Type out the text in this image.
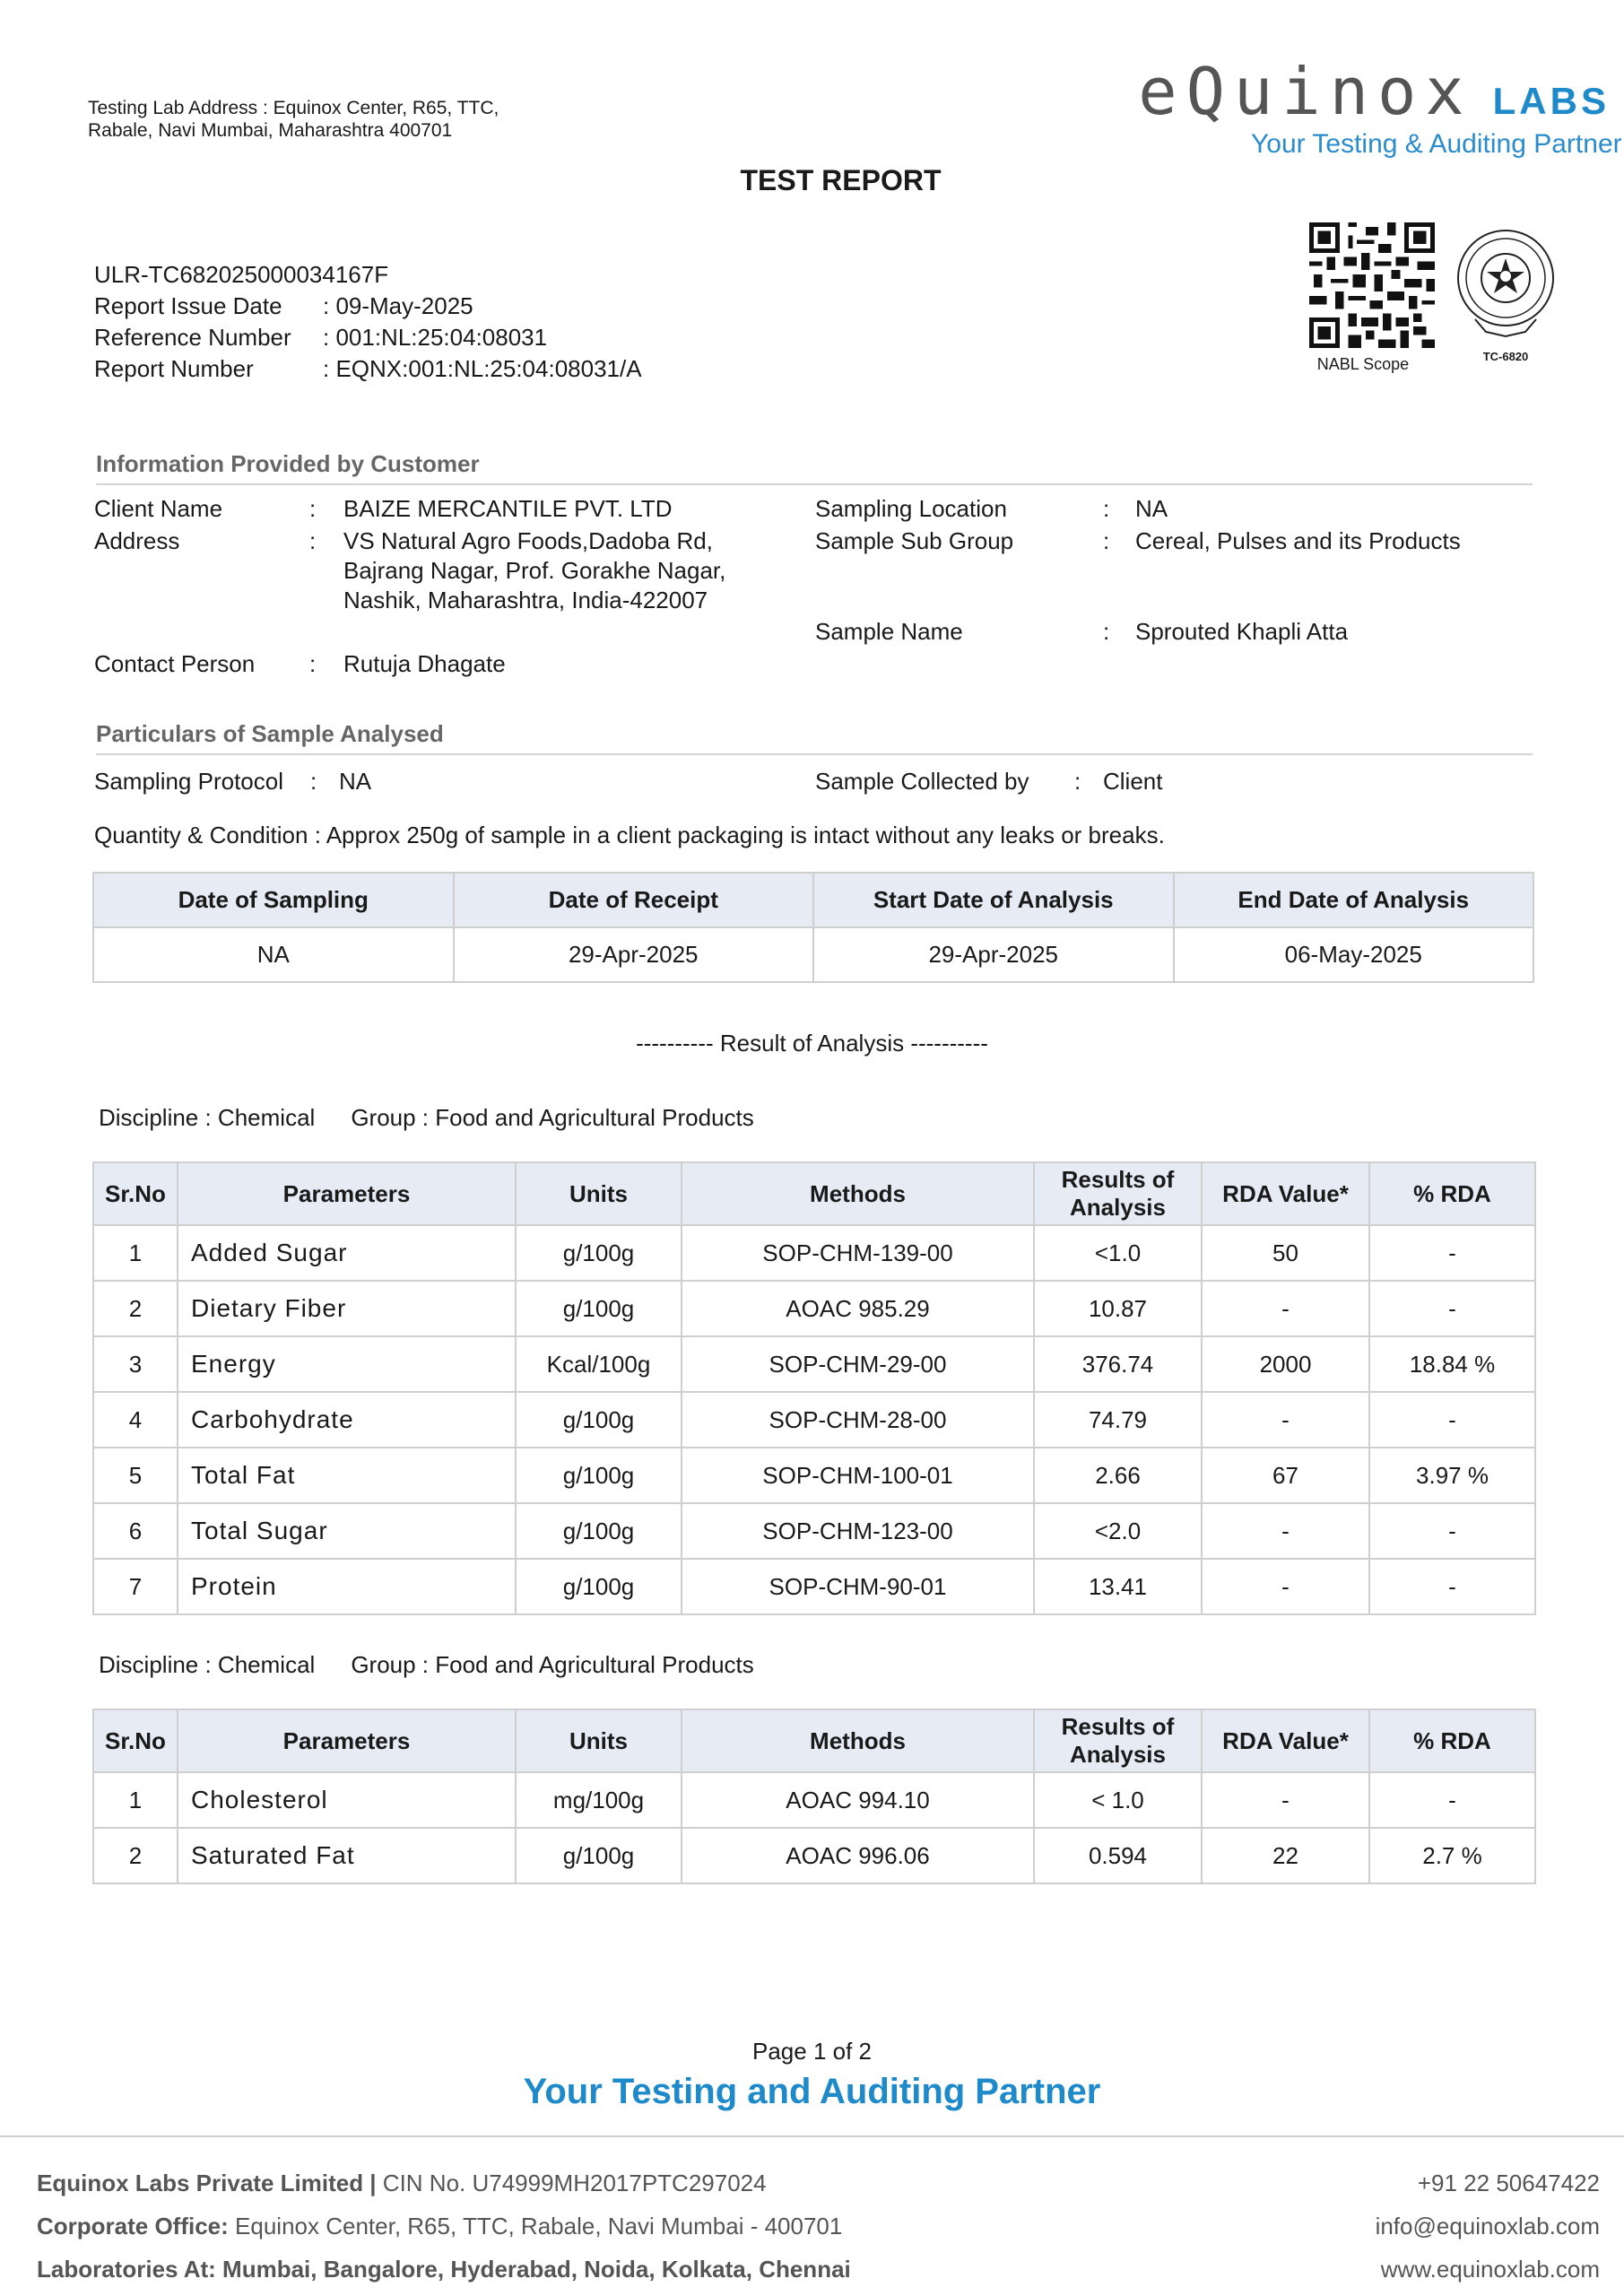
Testing Lab Address : Equinox Center, R65, TTC, Rabale, Navi Mumbai, Maharashtra 400701
eQuinox LABS
Your Testing & Auditing Partner
TEST REPORT
ULR-TC682025000034167F
Report Issue Date	: 09-May-2025
Reference Number	: 001:NL:25:04:08031
Report Number	: EQNX:001:NL:25:04:08031/A	NABL Scope	TC-6820
Information Provided by Customer
Client Name	: BAIZE MERCANTILE PVT. LTD
Address	: VS Natural Agro Foods,Dadoba Rd,
Bajrang Nagar, Prof. Gorakhe Nagar,
Nashik, Maharashtra, India-422007
Contact Person : Rutuja Dhagate
Sampling Location	: NA
Sample Sub Group	: Cereal, Pulses and its Products
Sample Name	: Sprouted Khapli Atta
Particulars of Sample Analysed
Sampling Protocol : NA	Sample Collected by : Client
Quantity & Condition : Approx 250g of sample in a client packaging is intact without any leaks or breaks.
Date of Sampling	Date of Receipt	Start Date of Analysis	End Date of Analysis
NA	29-Apr-2025	29-Apr-2025	06-May-2025
---------- Result of Analysis ----------
Discipline : Chemical Group : Food and Agricultural Products
Sr.No	Parameters	Units	Methods	Results of Analysis	RDA Value*	% RDA
1	Added Sugar	g/100g	SOP-CHM-139-00	<1.0	50	-
2	Dietary Fiber	g/100g	AOAC 985.29	10.87	-	-
3	Energy	Kcal/100g	SOP-CHM-29-00	376.74	2000	18.84 %
4	Carbohydrate	g/100g	SOP-CHM-28-00	74.79	-	-
5	Total Fat	g/100g	SOP-CHM-100-01	2.66	67	3.97 %
6	Total Sugar	g/100g	SOP-CHM-123-00	<2.0	-	-
7	Protein	g/100g	SOP-CHM-90-01	13.41	-	-
Discipline : Chemical Group : Food and Agricultural Products
Sr.No	Parameters	Units	Methods	Results of Analysis	RDA Value*	% RDA
1	Cholesterol	mg/100g	AOAC 994.10	< 1.0	-	-
2	Saturated Fat	g/100g	AOAC 996.06	0.594	22	2.7 %
Page 1 of 2
Your Testing and Auditing Partner
Equinox Labs Private Limited | CIN No. U74999MH2017PTC297024
Corporate Office: Equinox Center, R65, TTC, Rabale, Navi Mumbai - 400701
Laboratories At: Mumbai, Bangalore, Hyderabad, Noida, Kolkata, Chennai
+91 22 50647422
info@equinoxlab.com
www.equinoxlab.com
